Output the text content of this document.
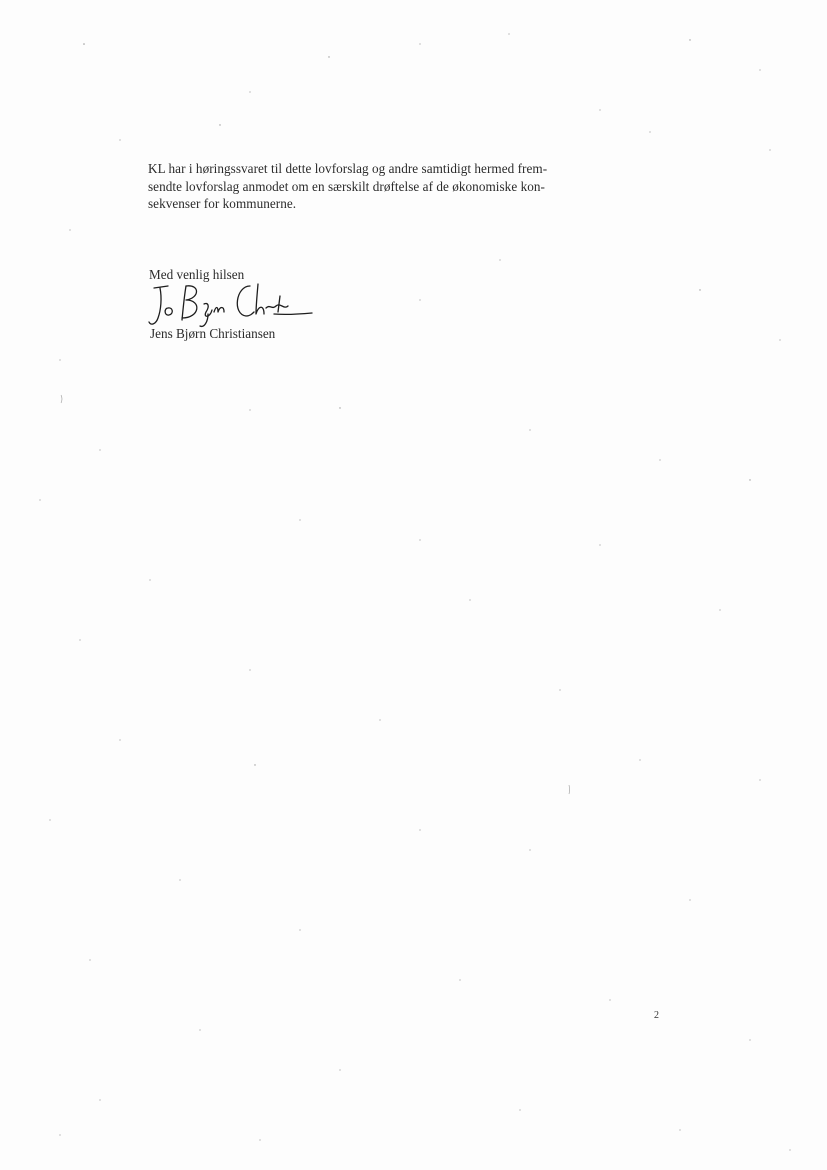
KL har i høringssvaret til dette lovforslag og andre samtidigt hermed frem-
sendte lovforslag anmodet om en særskilt drøftelse af de økonomiske kon-
sekvenser for kommunerne.

Med venlig hilsen
Jens Bjørn Christiansen
2
